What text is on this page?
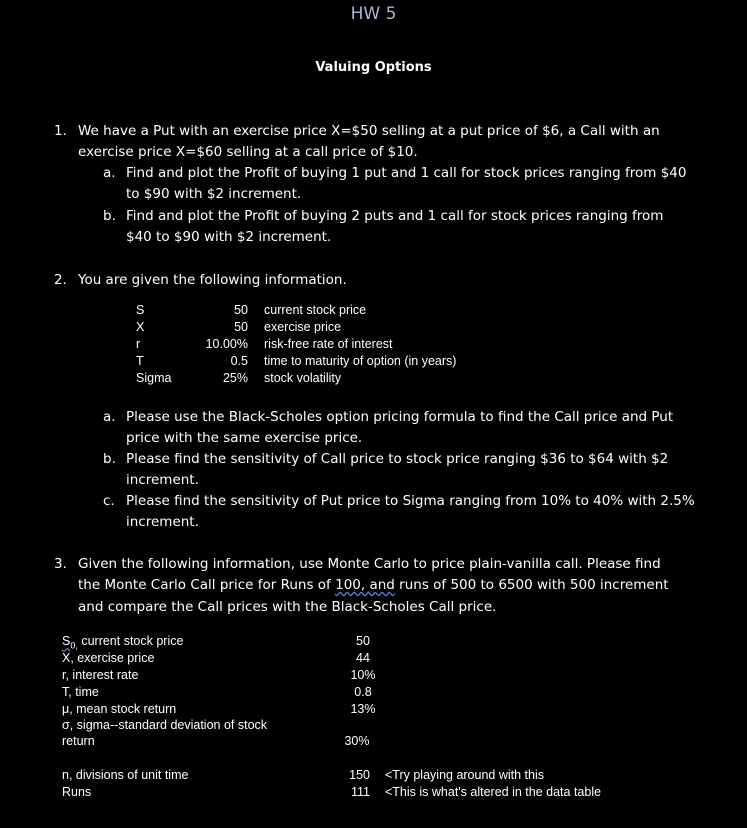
HW 5
Valuing Options
1. We have a Put with an exercise price X=$50 selling at a put price of $6, a Call with an
exercise price X=$60 selling at a call price of $10.
a. Find and plot the Profit of buying 1 put and 1 call for stock prices ranging from $40
to $90 with $2 increment.
b. Find and plot the Profit of buying 2 puts and 1 call for stock prices ranging from
$40 to $90 with $2 increment.
2. You are given the following information.
S	50 current stock price
X	50 exercise price
r	10.00% risk-free rate of interest
T	0.5 time to maturity of option (in years)
Sigma	25% stock volatility
a. Please use the Black-Scholes option pricing formula to find the Call price and Put
price with the same exercise price.
b. Please find the sensitivity of Call price to stock price ranging $36 to $64 with $2
increment.
c. Please find the sensitivity of Put price to Sigma ranging from 10% to 40% with 2.5%
increment.
3. Given the following information, use Monte Carlo to price plain-vanilla call. Please find
the Monte Carlo Call price for Runs of 100, and runs of 500 to 6500 with 500 increment
and compare the Call prices with the Black-Scholes Call price.
$S_{0,}$ current stock price	50
X, exercise price	44
r, interest rate	10%
T, time	0.8
μ, mean stock return	13%
σ, sigma--standard deviation of stock
return	30%
n, divisions of unit time	150 <Try playing around with this
Runs	111 <This is what's altered in the data table
